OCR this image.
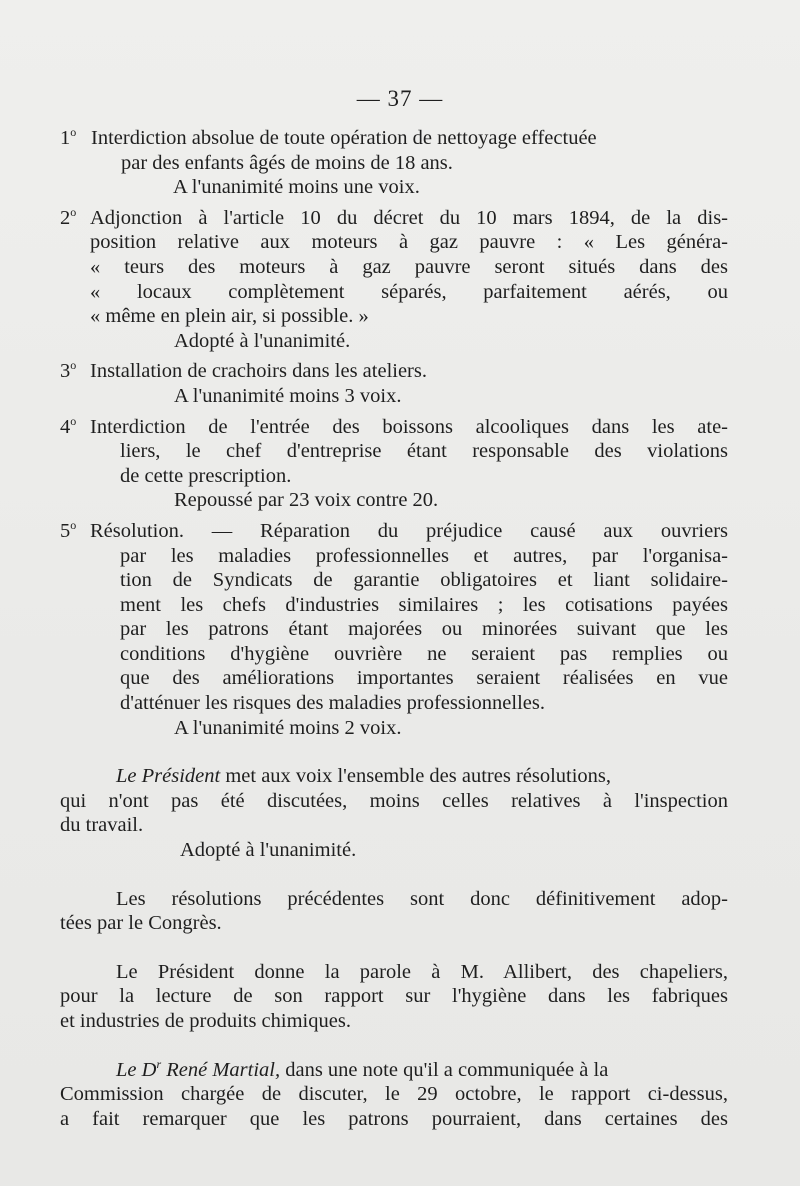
— 37 —
1$^o$ Interdiction absolue de toute opération de nettoyage effectuée
par des enfants âgés de moins de 18 ans.
A l'unanimité moins une voix.
2$^o$ Adjonction à l'article 10 du décret du 10 mars 1894, de la dis-
position relative aux moteurs à gaz pauvre : « Les généra-
« teurs des moteurs à gaz pauvre seront situés dans des
« locaux complètement séparés, parfaitement aérés, ou
« même en plein air, si possible. »
Adopté à l'unanimité.
3$^o$ Installation de crachoirs dans les ateliers.
A l'unanimité moins 3 voix.
4$^o$ Interdiction de l'entrée des boissons alcooliques dans les ate-
liers, le chef d'entreprise étant responsable des violations
de cette prescription.
Repoussé par 23 voix contre 20.
5$^o$ Résolution. — Réparation du préjudice causé aux ouvriers
par les maladies professionnelles et autres, par l'organisa-
tion de Syndicats de garantie obligatoires et liant solidaire-
ment les chefs d'industries similaires ; les cotisations payées
par les patrons étant majorées ou minorées suivant que les
conditions d'hygiène ouvrière ne seraient pas remplies ou
que des améliorations importantes seraient réalisées en vue
d'atténuer les risques des maladies professionnelles.
A l'unanimité moins 2 voix.
Le Président met aux voix l'ensemble des autres résolutions,
qui n'ont pas été discutées, moins celles relatives à l'inspection
du travail.
Adopté à l'unanimité.
Les résolutions précédentes sont donc définitivement adop-
tées par le Congrès.
Le Président donne la parole à M. Allibert, des chapeliers,
pour la lecture de son rapport sur l'hygiène dans les fabriques
et industries de produits chimiques.
Le $D^r$ René Martial, dans une note qu'il a communiquée à la
Commission chargée de discuter, le 29 octobre, le rapport ci-dessus,
a fait remarquer que les patrons pourraient, dans certaines des
